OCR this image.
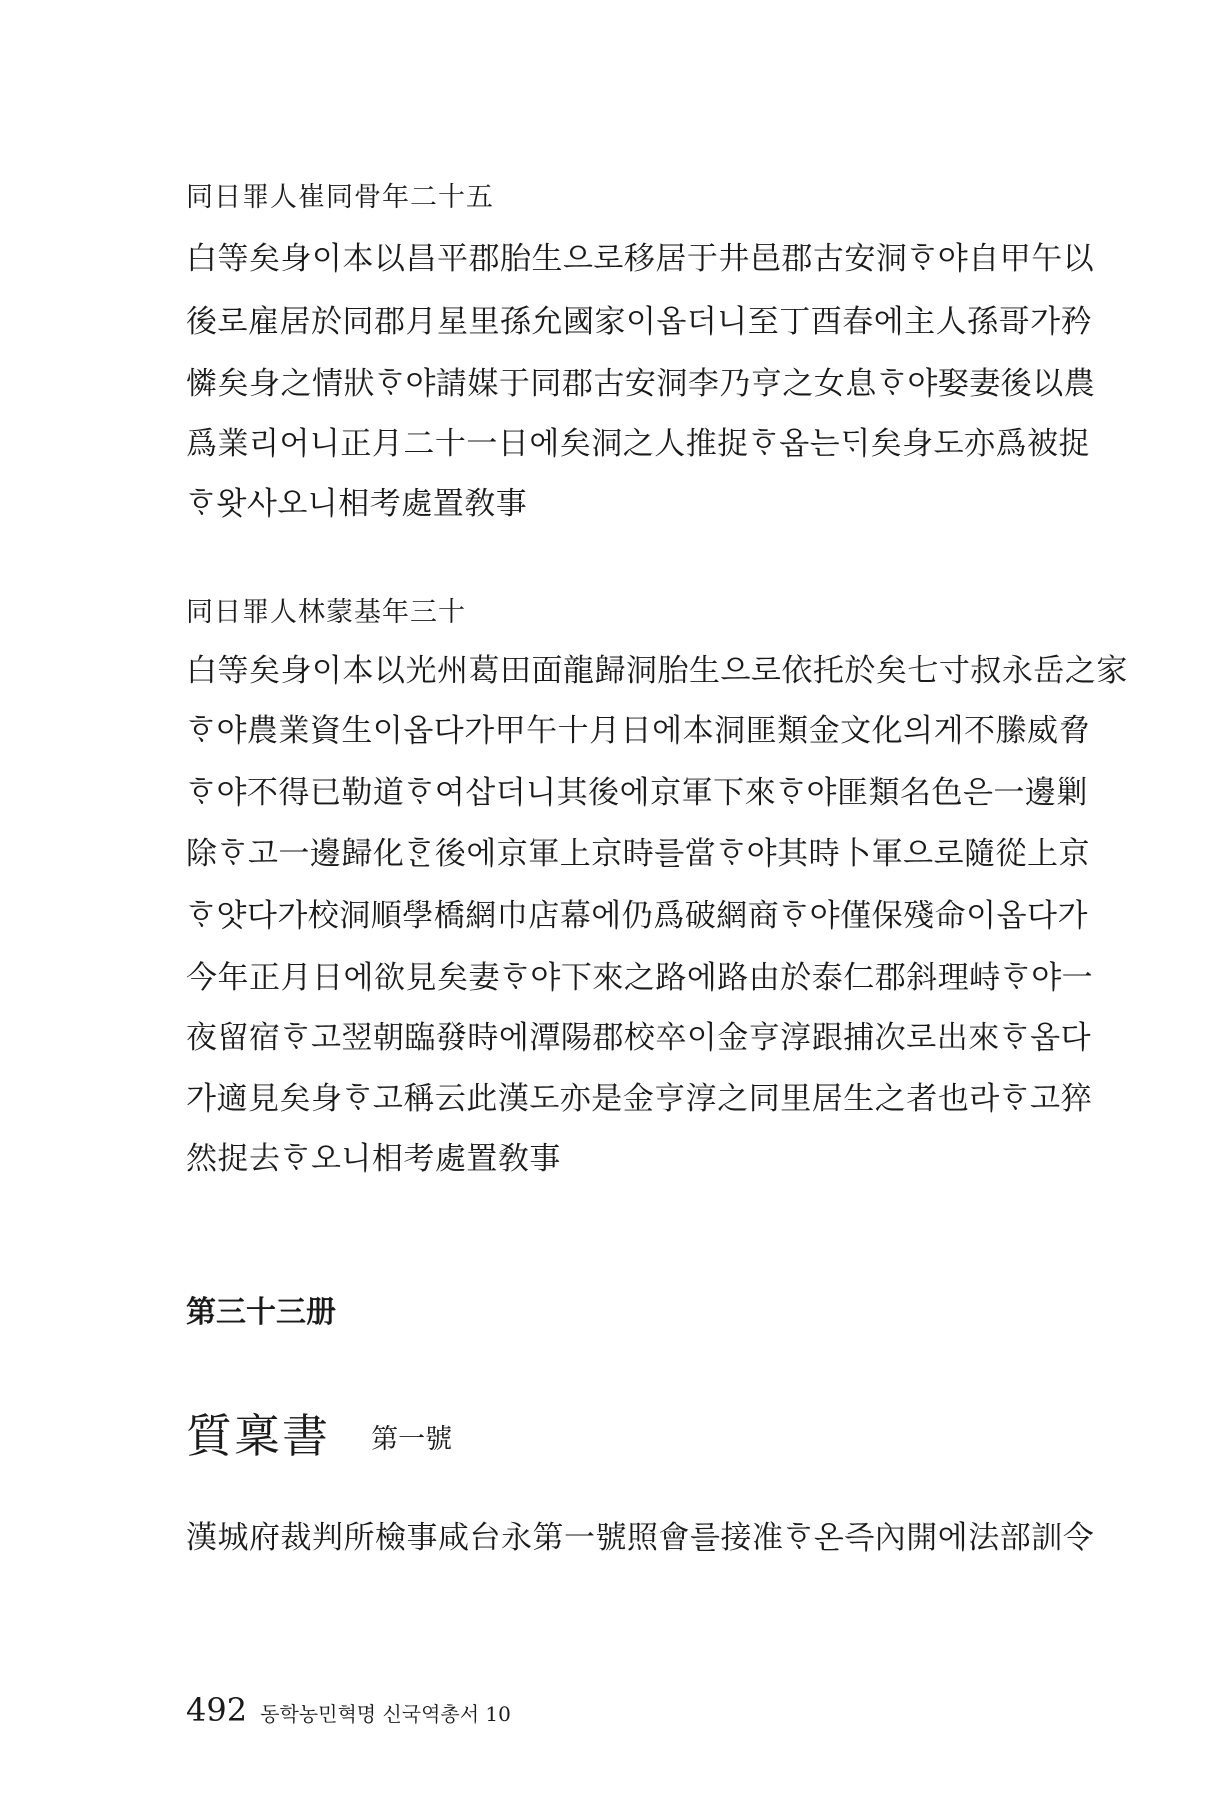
同日罪人崔同骨年二十五
白等矣身이本以昌平郡胎生으로移居于井邑郡古安洞ᄒᆞ야自甲午以
後로雇居於同郡月星里孫允國家이옵더니至丁酉春에主人孫哥가矜
憐矣身之情狀ᄒᆞ야請媒于同郡古安洞李乃亨之女息ᄒᆞ야娶妻後以農
爲業리어니正月二十一日에矣洞之人推捉ᄒᆞ옵는ᄃᆡ矣身도亦爲被捉
ᄒᆞ왓사오니相考處置敎事
同日罪人林蒙基年三十
白等矣身이本以光州葛田面龍歸洞胎生으로依托於矣七寸叔永岳之家
ᄒᆞ야農業資生이옵다가甲午十月日에本洞匪類金文化의게不縢威脅
ᄒᆞ야不得已勒道ᄒᆞ여삽더니其後에京軍下來ᄒᆞ야匪類名色은一邊剿
除ᄒᆞ고一邊歸化ᄒᆞᆫ後에京軍上京時를當ᄒᆞ야其時卜軍으로隨從上京
ᄒᆞ얏다가校洞順學橋網巾店幕에仍爲破網商ᄒᆞ야僅保殘命이옵다가
今年正月日에欲見矣妻ᄒᆞ야下來之路에路由於泰仁郡斜理峙ᄒᆞ야一
夜留宿ᄒᆞ고翌朝臨發時에潭陽郡校卒이金亨淳跟捕次로出來ᄒᆞ옵다
가適見矣身ᄒᆞ고稱云此漢도亦是金亨淳之同里居生之者也라ᄒᆞ고猝
然捉去ᄒᆞ오니相考處置敎事
第三十三册
質稟書 第一號
漢城府裁判所檢事咸台永第一號照會를接准ᄒᆞ온즉內開에法部訓令
492 동학농민혁명 신국역총서 10
